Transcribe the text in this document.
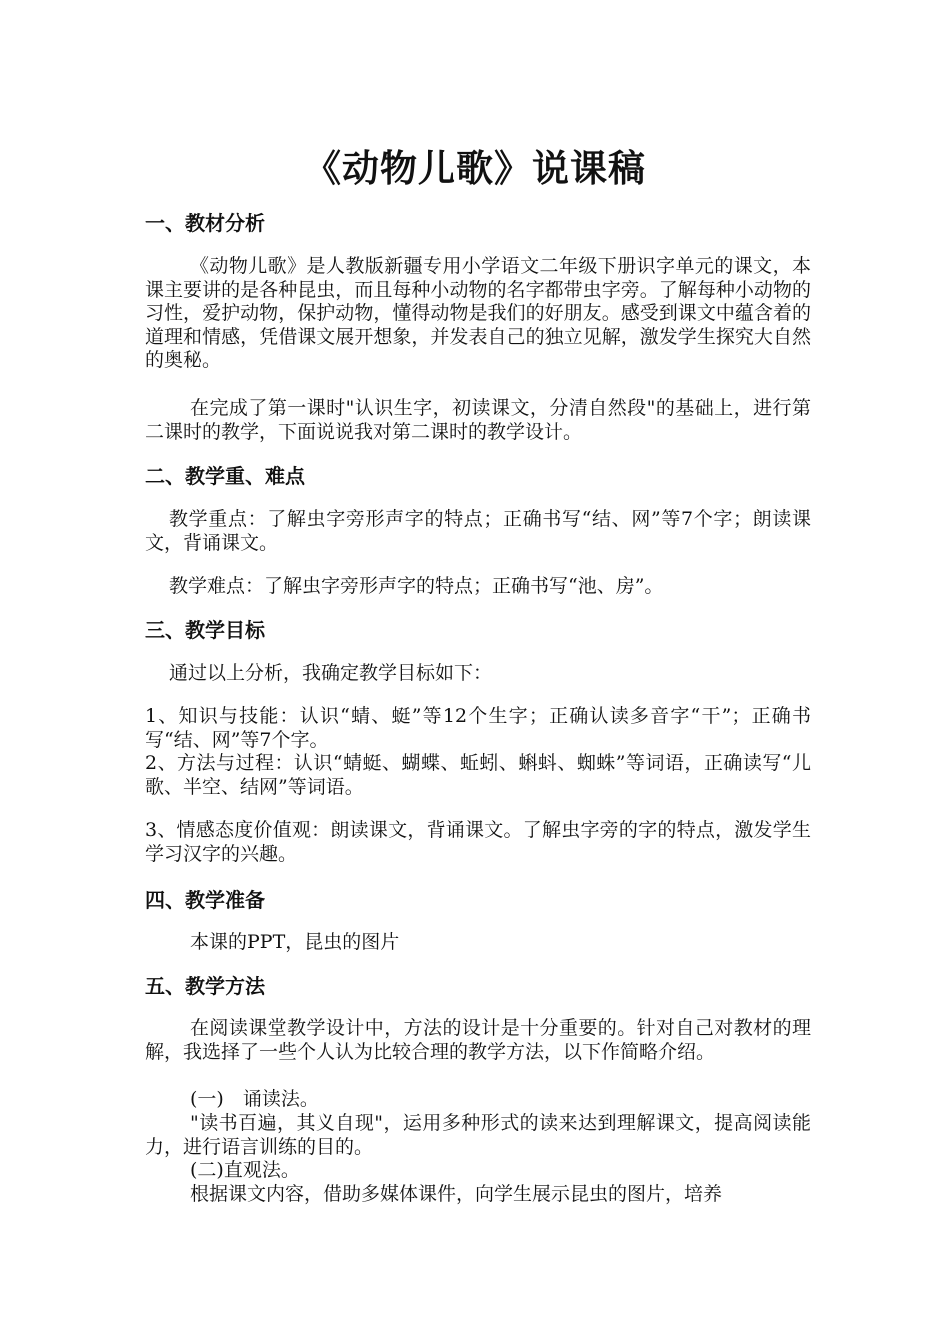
《动物儿歌》说课稿
一、教材分析

《动物儿歌》是人教版新疆专用小学语文二年级下册识字单元的课文，本课主要讲的是各种昆虫，而且每种小动物的名字都带虫字旁。了解每种小动物的习性，爱护动物，保护动物，懂得动物是我们的好朋友。感受到课文中蕴含着的道理和情感，凭借课文展开想象，并发表自己的独立见解，激发学生探究大自然的奥秘。

在完成了第一课时"认识生字，初读课文，分清自然段"的基础上，进行第二课时的教学，下面说说我对第二课时的教学设计。

二、教学重、难点

教学重点：了解虫字旁形声字的特点；正确书写“结、网”等7个字；朗读课文，背诵课文。

教学难点：了解虫字旁形声字的特点；正确书写“池、房”。

三、教学目标

通过以上分析，我确定教学目标如下：

1、知识与技能：认识“蜻、蜓”等12个生字；正确认读多音字“干”；正确书写“结、网”等7个字。

2、方法与过程：认识“蜻蜓、蝴蝶、蚯蚓、蝌蚪、蜘蛛”等词语，正确读写“儿歌、半空、结网”等词语。

3、情感态度价值观：朗读课文，背诵课文。了解虫字旁的字的特点，激发学生学习汉字的兴趣。

四、教学准备

本课的PPT，昆虫的图片

五、教学方法

在阅读课堂教学设计中，方法的设计是十分重要的。针对自己对教材的理解，我选择了一些个人认为比较合理的教学方法，以下作简略介绍。

(一)　诵读法。

"读书百遍，其义自现"，运用多种形式的读来达到理解课文，提高阅读能力，进行语言训练的目的。

(二)直观法。
根据课文内容，借助多媒体课件，向学生展示昆虫的图片，培养
